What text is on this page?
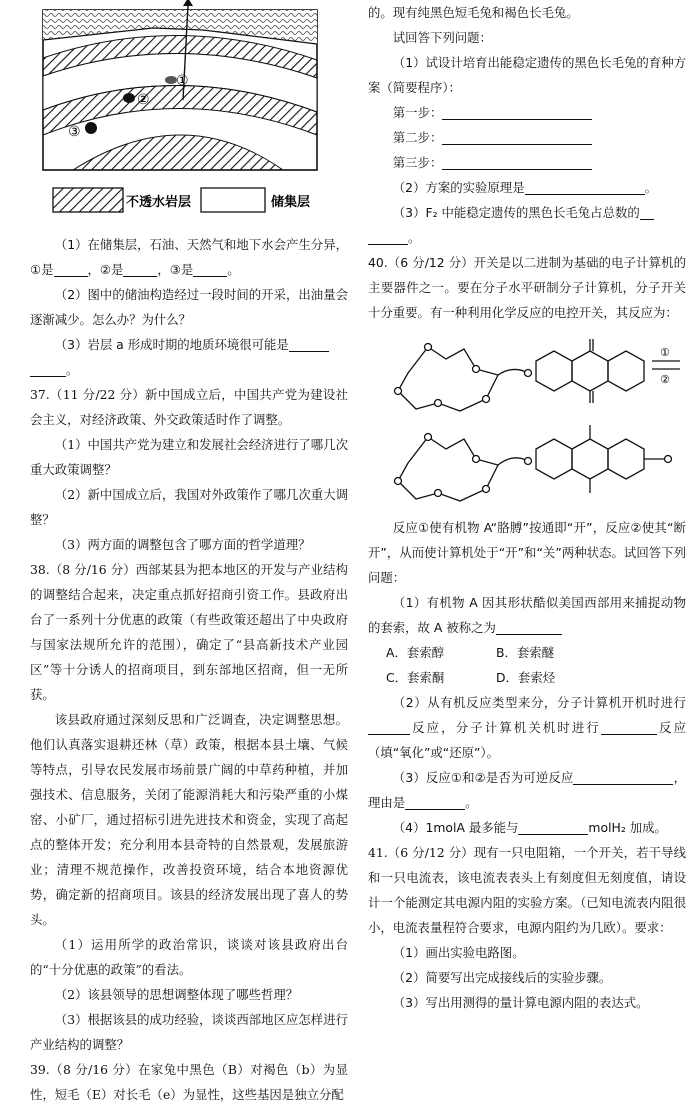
①
②
③
不透水岩层	储集层

（1）在储集层，石油、天然气和地下水会产生分异，①是	，②是	，③是	。

（2）图中的储油构造经过一段时间的开采，出油量会逐渐减少。怎么办？为什么？

（3）岩层 a 形成时期的地质环境很可能是
。

37.（11 分/22 分）新中国成立后，中国共产党为建设社会主义，对经济政策、外交政策适时作了调整。

（1）中国共产党为建立和发展社会经济进行了哪几次重大政策调整？

（2）新中国成立后，我国对外政策作了哪几次重大调整？

（3）两方面的调整包含了哪方面的哲学道理？

38.（8 分/16 分）西部某县为把本地区的开发与产业结构的调整结合起来，决定重点抓好招商引资工作。县政府出台了一系列十分优惠的政策（有些政策还超出了中央政府与国家法规所允许的范围），确定了“县高新技术产业园区”等十分诱人的招商项目，到东部地区招商，但一无所获。

该县政府通过深刻反思和广泛调查，决定调整思想。他们认真落实退耕还林（草）政策，根据本县土壤、气候等特点，引导农民发展市场前景广阔的中草药种植，并加强技术、信息服务，关闭了能源消耗大和污染严重的小煤窑、小矿厂，通过招标引进先进技术和资金，实现了高起点的整体开发；充分利用本县奇特的自然景观，发展旅游业；清理不规范操作，改善投资环境，结合本地资源优势，确定新的招商项目。该县的经济发展出现了喜人的势头。

（1）运用所学的政治常识，谈谈对该县政府出台的“十分优惠的政策”的看法。

（2）该县领导的思想调整体现了哪些哲理？

（3）根据该县的成功经验，谈谈西部地区应怎样进行产业结构的调整？

39.（8 分/16 分）在家兔中黑色（B）对褐色（b）为显性，短毛（E）对长毛（e）为显性，这些基因是独立分配

的。现有纯黑色短毛兔和褐色长毛兔。

试回答下列问题：

（1）试设计培育出能稳定遗传的黑色长毛兔的育种方案（简要程序）：

第一步：

第二步：

第三步：

（2）方案的实验原理是	。

（3）F₂ 中能稳定遗传的黑色长毛兔占总数的
。

40.（6 分/12 分）开关是以二进制为基础的电子计算机的主要器件之一。要在分子水平研制分子计算机，分子开关十分重要。有一种利用化学反应的电控开关，其反应为：

①
②

反应①使有机物 A“胳膊”按通即“开”，反应②使其“断开”，从而使计算机处于“开”和“关”两种状态。试回答下列问题：

（1）有机物 A 因其形状酷似美国西部用来捕捉动物的套索，故 A 被称之为

A．套索醇	B．套索醚
C．套索酮	D．套索烃

（2）从有机反应类型来分，分子计算机开机时进行反应，分子计算机关机时进行	反应（填“氧化”或“还原”）。

（3）反应①和②是否为可逆反应	，理由是	。

（4）1molA 最多能与	molH₂ 加成。

41.（6 分/12 分）现有一只电阻箱，一个开关，若干导线和一只电流表，该电流表表头上有刻度但无刻度值，请设计一个能测定其电源内阻的实验方案。（已知电流表内阻很小，电流表量程符合要求，电源内阻约为几欧）。要求：

（1）画出实验电路图。

（2）简要写出完成接线后的实验步骤。

（3）写出用测得的量计算电源内阻的表达式。
